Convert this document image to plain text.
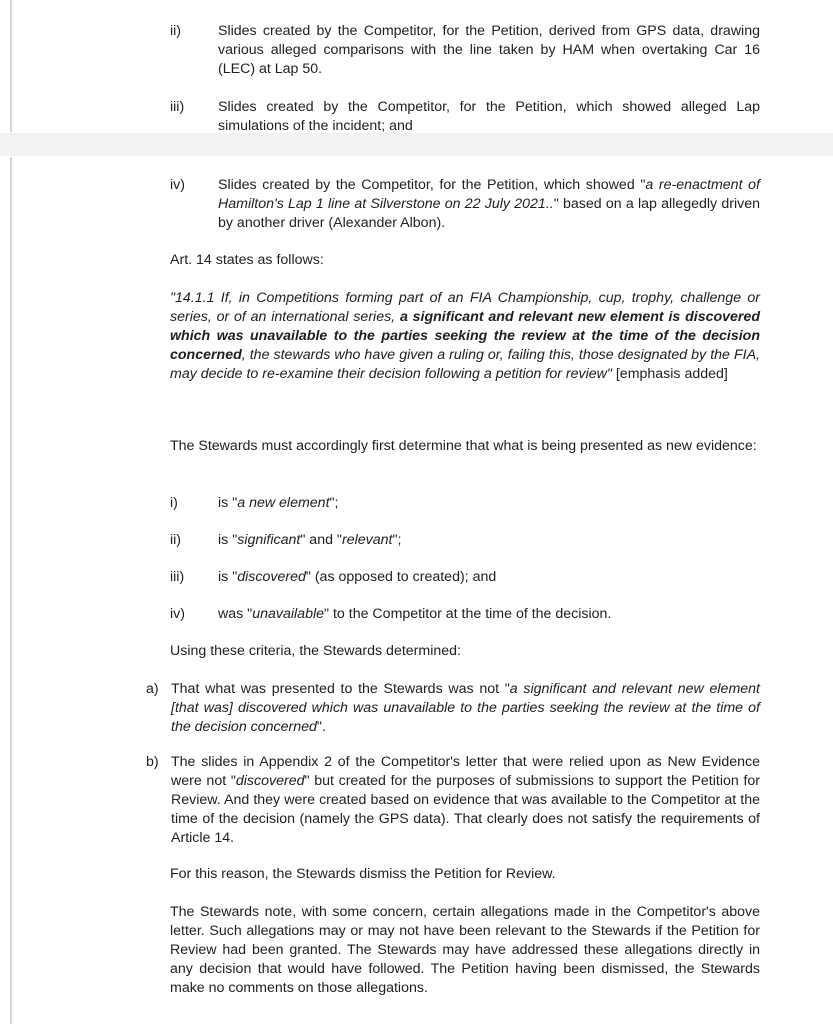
ii)	Slides created by the Competitor, for the Petition, derived from GPS data, drawing various alleged comparisons with the line taken by HAM when overtaking Car 16 (LEC) at Lap 50.
iii)	Slides created by the Competitor, for the Petition, which showed alleged Lap simulations of the incident; and
iv)	Slides created by the Competitor, for the Petition, which showed "a re-enactment of Hamilton's Lap 1 line at Silverstone on 22 July 2021.." based on a lap allegedly driven by another driver (Alexander Albon).
Art. 14 states as follows:
"14.1.1 If, in Competitions forming part of an FIA Championship, cup, trophy, challenge or series, or of an international series, a significant and relevant new element is discovered which was unavailable to the parties seeking the review at the time of the decision concerned, the stewards who have given a ruling or, failing this, those designated by the FIA, may decide to re-examine their decision following a petition for review" [emphasis added]
The Stewards must accordingly first determine that what is being presented as new evidence:
i)	is "a new element";
ii)	is "significant" and "relevant";
iii)	is "discovered" (as opposed to created); and
iv)	was "unavailable" to the Competitor at the time of the decision.
Using these criteria, the Stewards determined:
a) That what was presented to the Stewards was not "a significant and relevant new element [that was] discovered which was unavailable to the parties seeking the review at the time of the decision concerned".
b) The slides in Appendix 2 of the Competitor's letter that were relied upon as New Evidence were not "discovered" but created for the purposes of submissions to support the Petition for Review. And they were created based on evidence that was available to the Competitor at the time of the decision (namely the GPS data). That clearly does not satisfy the requirements of Article 14.
For this reason, the Stewards dismiss the Petition for Review.
The Stewards note, with some concern, certain allegations made in the Competitor's above letter. Such allegations may or may not have been relevant to the Stewards if the Petition for Review had been granted. The Stewards may have addressed these allegations directly in any decision that would have followed. The Petition having been dismissed, the Stewards make no comments on those allegations.
